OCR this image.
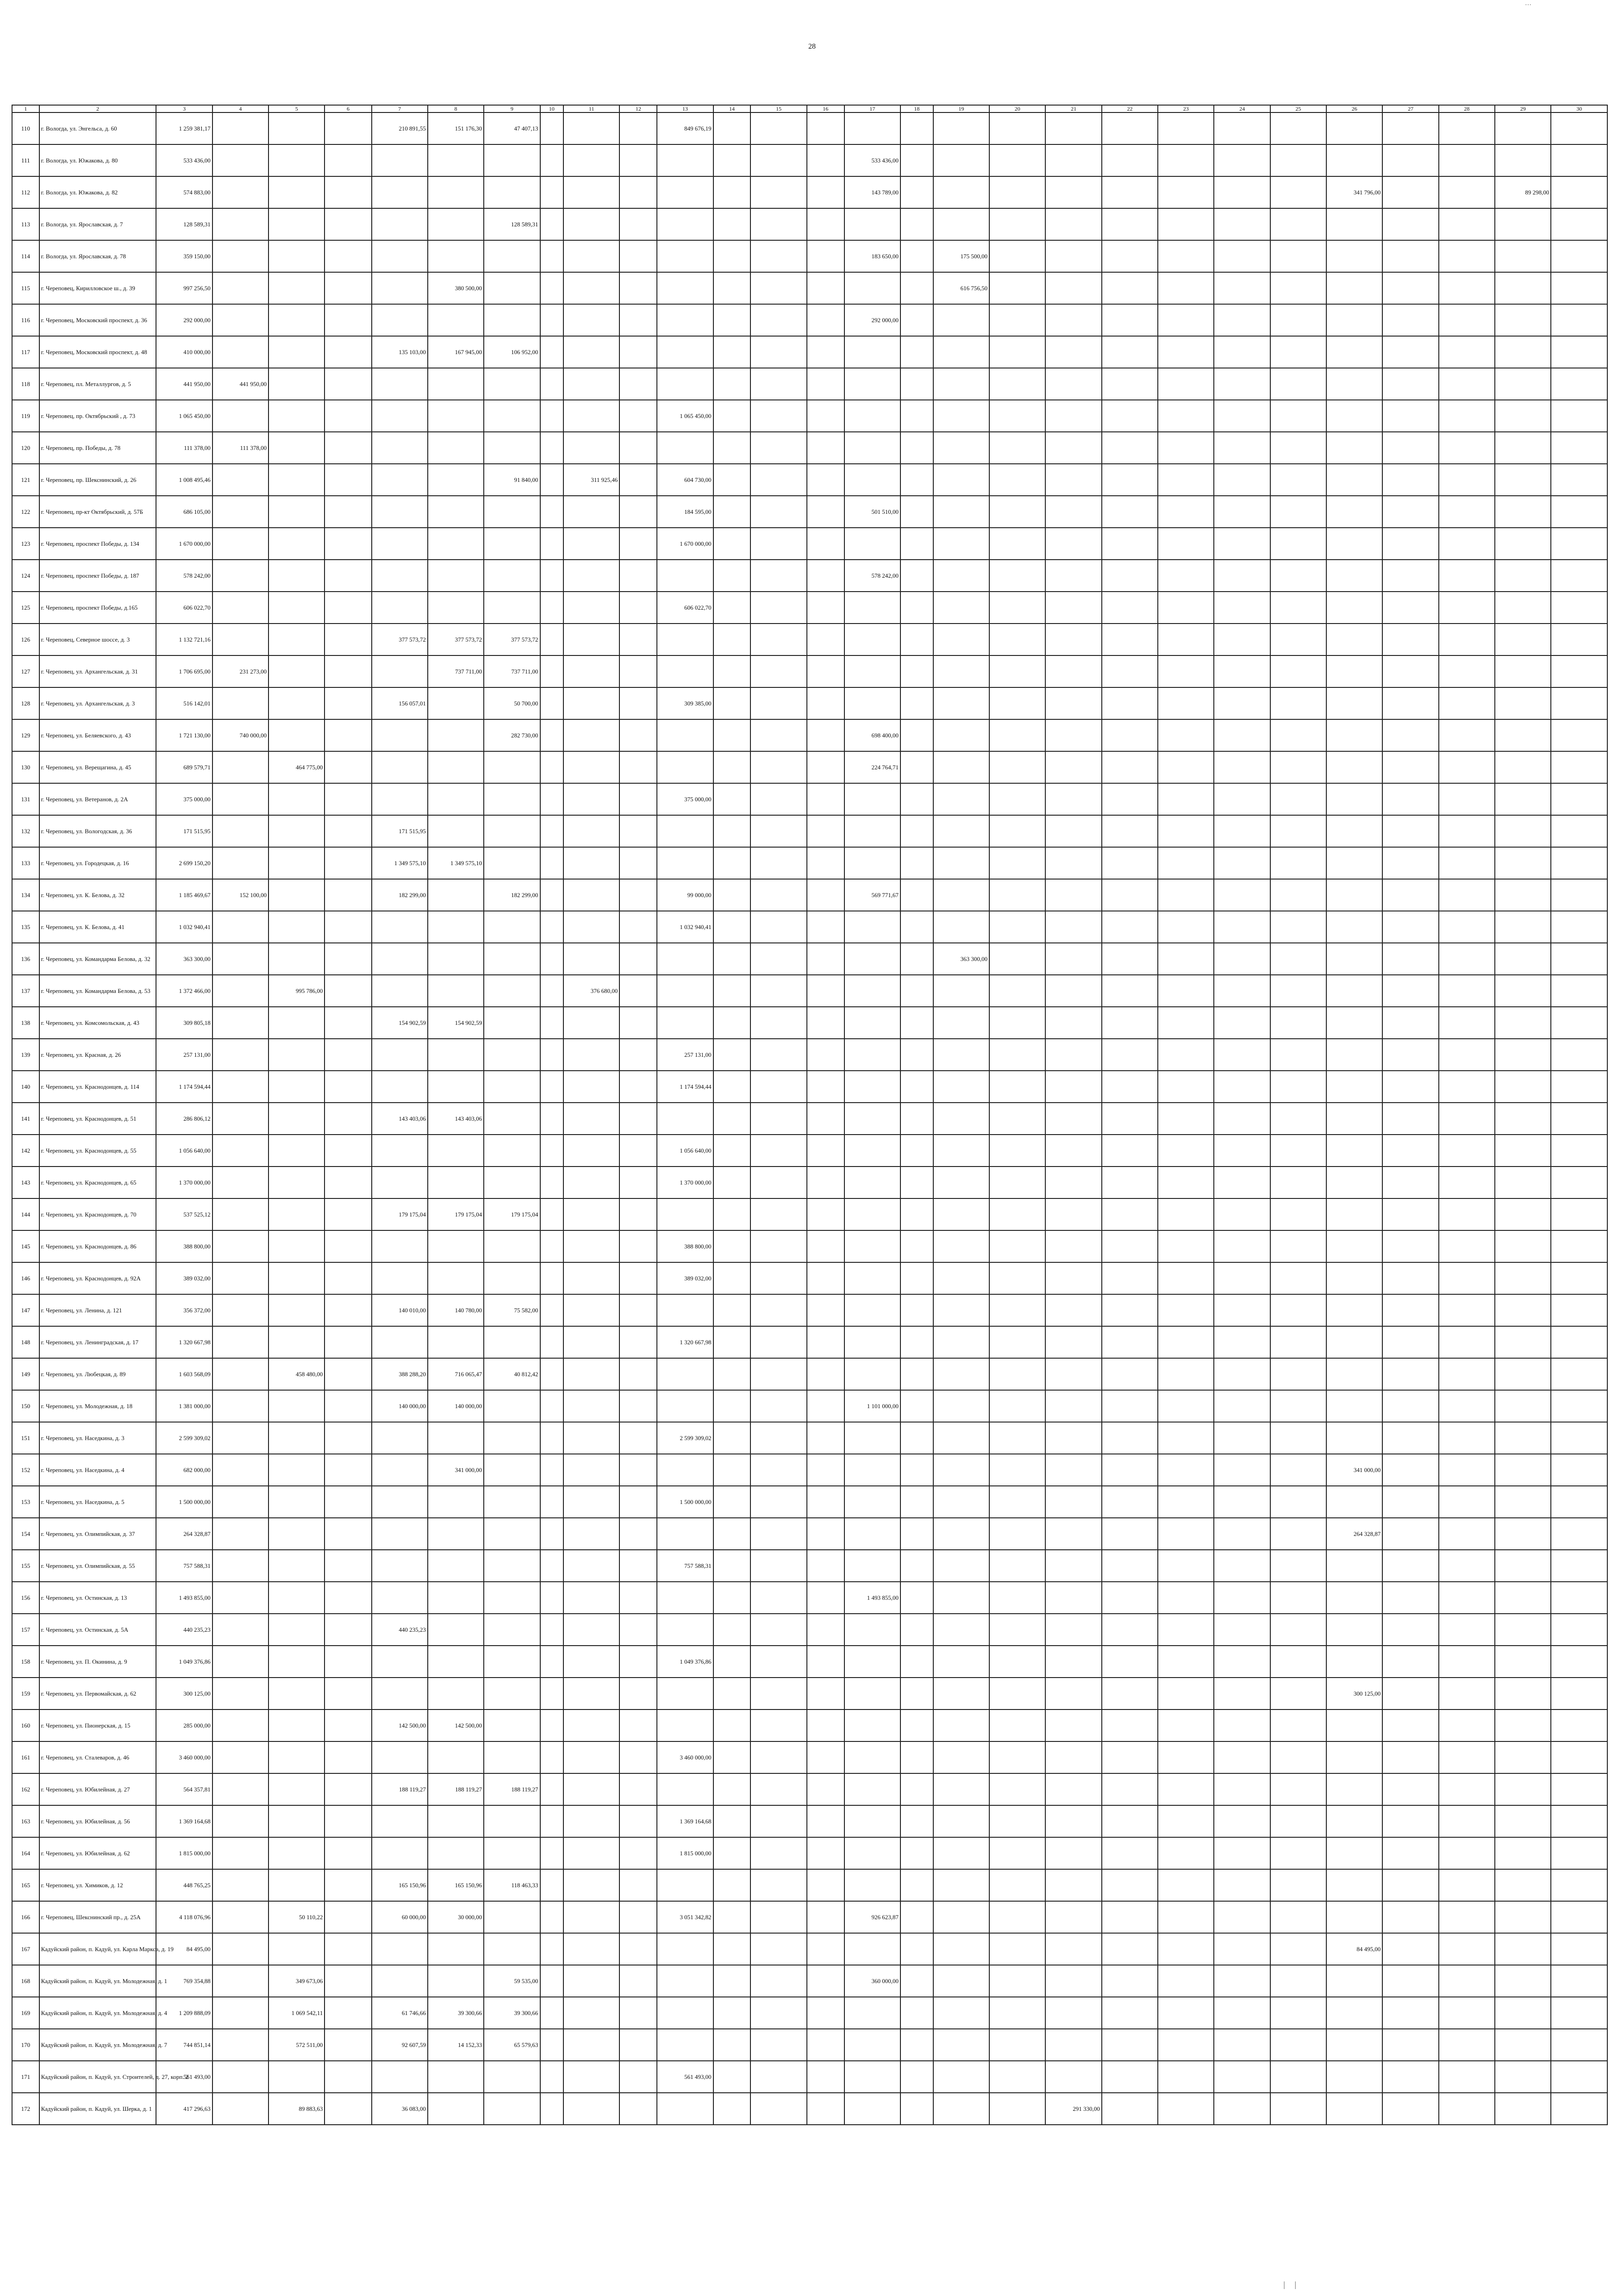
…
28
1	2	3	4	5	6	7	8	9	10	11	12	13	14	15	16	17	18	19	20	21	22	23	24	25	26	27	28	29	30
110	г. Вологда, ул. Энгельса, д. 60	1 259 381,17				210 891,55	151 176,30	47 407,13				849 676,19																	
111	г. Вологда, ул. Южакова, д. 80	533 436,00														533 436,00													
112	г. Вологда, ул. Южакова, д. 82	574 883,00														143 789,00									341 796,00			89 298,00	
113	г. Вологда, ул. Ярославская, д. 7	128 589,31						128 589,31																					
114	г. Вологда, ул. Ярославская, д. 78	359 150,00														183 650,00		175 500,00											
115	г. Череповец, Кирилловское ш., д. 39	997 256,50					380 500,00											616 756,50											
116	г. Череповец, Московский проспект, д. 36	292 000,00														292 000,00													
117	г. Череповец, Московский проспект, д. 48	410 000,00				135 103,00	167 945,00	106 952,00																					
118	г. Череповец, пл. Металлургов, д. 5	441 950,00	441 950,00																										
119	г. Череповец, пр. Октябрьский , д. 73	1 065 450,00										1 065 450,00																	
120	г. Череповец, пр. Победы, д. 78	111 378,00	111 378,00																										
121	г. Череповец, пр. Шекснинский, д. 26	1 008 495,46						91 840,00		311 925,46		604 730,00																	
122	г. Череповец, пр-кт Октябрьский, д. 57Б	686 105,00										184 595,00				501 510,00													
123	г. Череповец, проспект Победы, д. 134	1 670 000,00										1 670 000,00																	
124	г. Череповец, проспект Победы, д. 187	578 242,00														578 242,00													
125	г. Череповец, проспект Победы, д.165	606 022,70										606 022,70																	
126	г. Череповец, Северное шоссе, д. 3	1 132 721,16				377 573,72	377 573,72	377 573,72																					
127	г. Череповец, ул. Архангельская, д. 31	1 706 695,00	231 273,00				737 711,00	737 711,00																					
128	г. Череповец, ул. Архангельская, д. 3	516 142,01				156 057,01		50 700,00				309 385,00																	
129	г. Череповец, ул. Беляевского, д. 43	1 721 130,00	740 000,00					282 730,00								698 400,00													
130	г. Череповец, ул. Верещагина, д. 45	689 579,71		464 775,00												224 764,71													
131	г. Череповец, ул. Ветеранов, д. 2А	375 000,00										375 000,00																	
132	г. Череповец, ул. Вологодская, д. 36	171 515,95				171 515,95																							
133	г. Череповец, ул. Городецкая, д. 16	2 699 150,20				1 349 575,10	1 349 575,10																						
134	г. Череповец, ул. К. Белова, д. 32	1 185 469,67	152 100,00			182 299,00		182 299,00				99 000,00				569 771,67													
135	г. Череповец, ул. К. Белова, д. 41	1 032 940,41										1 032 940,41																	
136	г. Череповец, ул. Командарма Белова, д. 32	363 300,00																363 300,00											
137	г. Череповец, ул. Командарма Белова, д. 53	1 372 466,00		995 786,00						376 680,00																			
138	г. Череповец, ул. Комсомольская, д. 43	309 805,18				154 902,59	154 902,59																						
139	г. Череповец, ул. Красная, д. 26	257 131,00										257 131,00																	
140	г. Череповец, ул. Краснодонцев, д. 114	1 174 594,44										1 174 594,44																	
141	г. Череповец, ул. Краснодонцев, д. 51	286 806,12				143 403,06	143 403,06																						
142	г. Череповец, ул. Краснодонцев, д. 55	1 056 640,00										1 056 640,00																	
143	г. Череповец, ул. Краснодонцев, д. 65	1 370 000,00										1 370 000,00																	
144	г. Череповец, ул. Краснодонцев, д. 70	537 525,12				179 175,04	179 175,04	179 175,04																					
145	г. Череповец, ул. Краснодонцев, д. 86	388 800,00										388 800,00																	
146	г. Череповец, ул. Краснодонцев, д. 92А	389 032,00										389 032,00																	
147	г. Череповец, ул. Ленина, д. 121	356 372,00				140 010,00	140 780,00	75 582,00																					
148	г. Череповец, ул. Ленинградская, д. 17	1 320 667,98										1 320 667,98																	
149	г. Череповец, ул. Любецкая, д. 89	1 603 568,09		458 480,00		388 288,20	716 065,47	40 812,42																					
150	г. Череповец, ул. Молодежная, д. 18	1 381 000,00				140 000,00	140 000,00									1 101 000,00													
151	г. Череповец, ул. Наседкина, д. 3	2 599 309,02										2 599 309,02																	
152	г. Череповец, ул. Наседкина, д. 4	682 000,00					341 000,00																		341 000,00				
153	г. Череповец, ул. Наседкина, д. 5	1 500 000,00										1 500 000,00																	
154	г. Череповец, ул. Олимпийская, д. 37	264 328,87																							264 328,87				
155	г. Череповец, ул. Олимпийская, д. 55	757 588,31										757 588,31																	
156	г. Череповец, ул. Остинская, д. 13	1 493 855,00														1 493 855,00													
157	г. Череповец, ул. Остинская, д. 5А	440 235,23				440 235,23																							
158	г. Череповец, ул. П. Окинина, д. 9	1 049 376,86										1 049 376,86																	
159	г. Череповец, ул. Первомайская, д. 62	300 125,00																							300 125,00				
160	г. Череповец, ул. Пионерская, д. 15	285 000,00				142 500,00	142 500,00																						
161	г. Череповец, ул. Сталеваров, д. 46	3 460 000,00										3 460 000,00																	
162	г. Череповец, ул. Юбилейная, д. 27	564 357,81				188 119,27	188 119,27	188 119,27																					
163	г. Череповец, ул. Юбилейная, д. 56	1 369 164,68										1 369 164,68																	
164	г. Череповец, ул. Юбилейная, д. 62	1 815 000,00										1 815 000,00																	
165	г. Череповец, ул. Химиков, д. 12	448 765,25				165 150,96	165 150,96	118 463,33																					
166	г. Череповец, Шекснинский пр., д. 25А	4 118 076,96		50 110,22		60 000,00	30 000,00					3 051 342,82				926 623,87													
167	Кадуйский район, п. Кадуй, ул. Карла Маркса, д. 19	84 495,00																							84 495,00				
168	Кадуйский район, п. Кадуй, ул. Молодежная, д. 1	769 354,88		349 673,06				59 535,00								360 000,00													
169	Кадуйский район, п. Кадуй, ул. Молодежная, д. 4	1 209 888,09		1 069 542,11		61 746,66	39 300,66	39 300,66																					
170	Кадуйский район, п. Кадуй, ул. Молодежная, д. 7	744 851,14		572 511,00		92 607,59	14 152,33	65 579,63																					
171	Кадуйский район, п. Кадуй, ул. Строителей, д. 27, корп. 2	561 493,00										561 493,00																	
172	Кадуйский район, п. Кадуй, ул. Шерка, д. 1	417 296,63		89 883,63		36 083,00														291 330,00									
| |
